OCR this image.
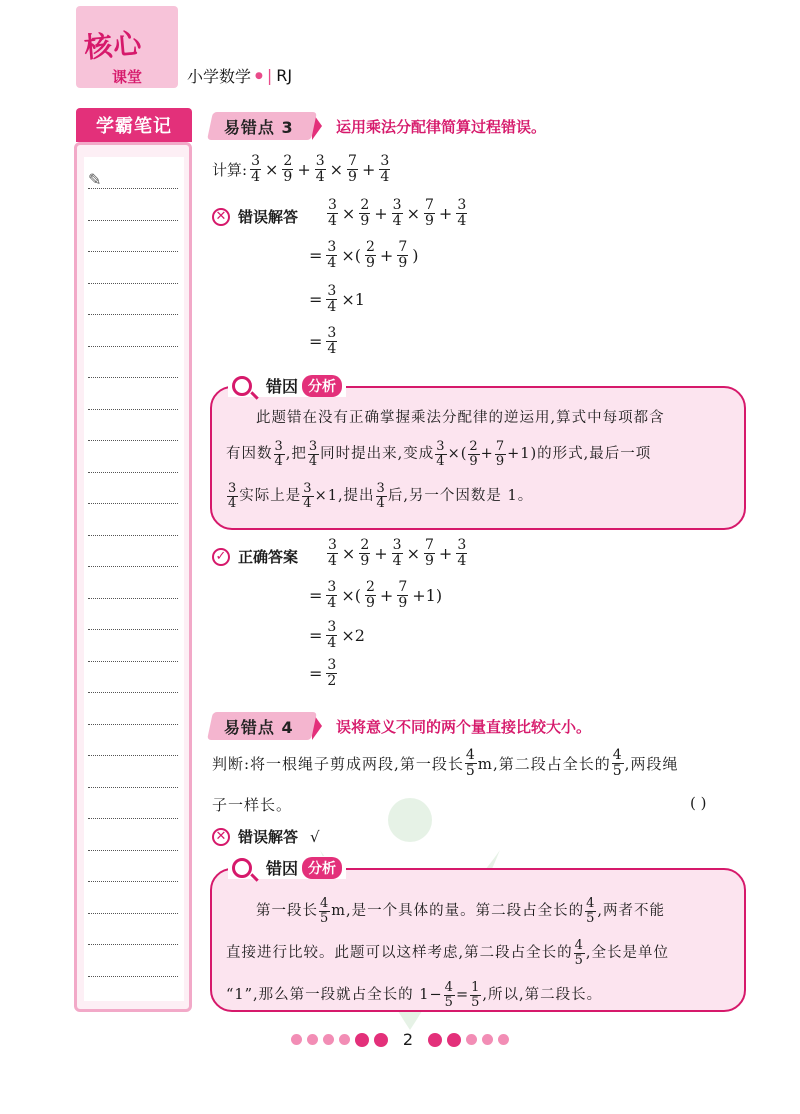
核心
课堂	小学数学 ● | RJ
学霸笔记
✎
易错点 3	运用乘法分配律简算过程错误。
计算: $\frac{3}{4} \times \frac{2}{9} + \frac{3}{4} \times \frac{7}{9} + \frac{3}{4}$
✕ 错误解答 $\frac{3}{4} \times \frac{2}{9} + \frac{3}{4} \times \frac{7}{9} + \frac{3}{4}$
= $\frac{3}{4}$ ×( $\frac{2}{9} + \frac{7}{9}$ )
= $\frac{3}{4} \times 1$
= $\frac{3}{4}$
错因 分析
此题错在没有正确掌握乘法分配律的逆运用,算式中每项都含
有因数 $\frac{3}{4}$ ,把 $\frac{3}{4}$ 同时提出来,变成 $\frac{3}{4}$ ×( $\frac{2}{9} + \frac{7}{9} +1$) 的形式,最后一项
$\frac{3}{4}$ 实际上是 $\frac{3}{4} \times 1$ ,提出 $\frac{3}{4}$ 后,另一个因数是 1。
✓ 正确答案 $\frac{3}{4} \times \frac{2}{9} + \frac{3}{4} \times \frac{7}{9} + \frac{3}{4}$
= $\frac{3}{4}$ ×( $\frac{2}{9} + \frac{7}{9} +1$)
= $\frac{3}{4} \times 2$
= $\frac{3}{2}$
易错点 4	误将意义不同的两个量直接比较大小。
判断:将一根绳子剪成两段,第一段长 $\frac{4}{5} m$,第二段占全长的 $\frac{4}{5}$ ,两段绳
子一样长。	( )
✕ 错误解答 √
错因 分析
第一段长 $\frac{4}{5} m$,是一个具体的量。第二段占全长的 $\frac{4}{5}$ ,两者不能
直接进行比较。此题可以这样考虑,第二段占全长的 $\frac{4}{5}$ ,全长是单位
“1”,那么第一段就占全长的 $1 - \frac{4}{5} = \frac{1}{5}$ ,所以,第二段长。
2
